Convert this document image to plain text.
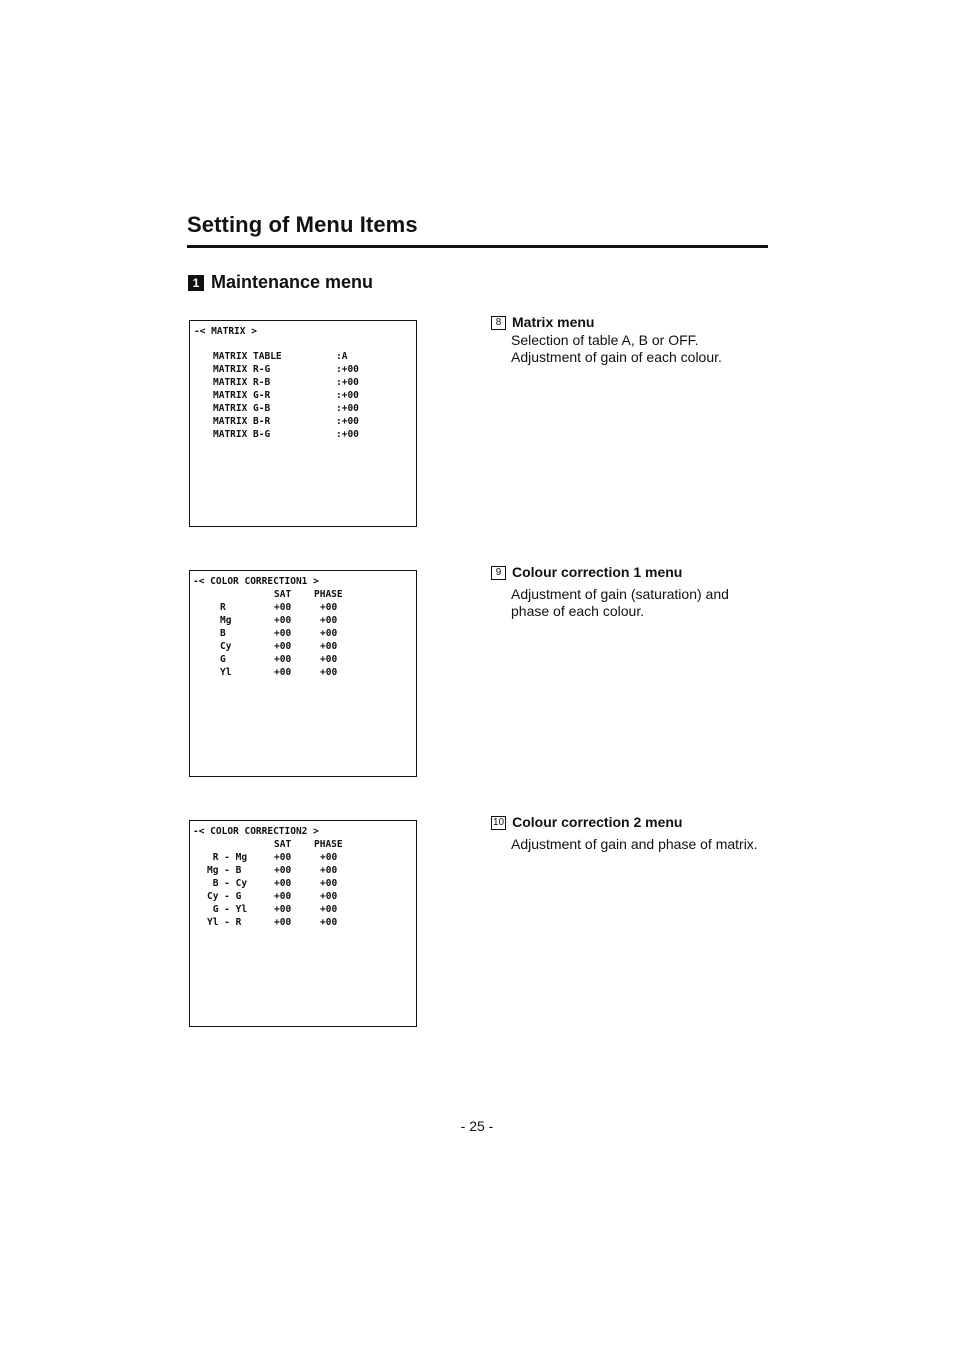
Setting of Menu Items
1 Maintenance menu
-< MATRIX >
MATRIX TABLE	:A
MATRIX R-G	:+00
MATRIX R-B	:+00
MATRIX G-R	:+00
MATRIX G-B	:+00
MATRIX B-R	:+00
MATRIX B-G	:+00
8 Matrix menu
Selection of table A, B or OFF.
Adjustment of gain of each colour.
-< COLOR CORRECTION1 >
SAT PHASE
R	+00	+00
Mg	+00	+00
B	+00	+00
Cy	+00	+00
G	+00	+00
Yl	+00	+00
9 Colour correction 1 menu
Adjustment of gain (saturation) and
phase of each colour.
-< COLOR CORRECTION2 >
SAT PHASE
R - Mg	+00	+00
Mg - B	+00	+00
B - Cy	+00	+00
Cy - G	+00	+00
G - Yl	+00	+00
Yl - R	+00	+00
10 Colour correction 2 menu
Adjustment of gain and phase of matrix.
- 25 -
